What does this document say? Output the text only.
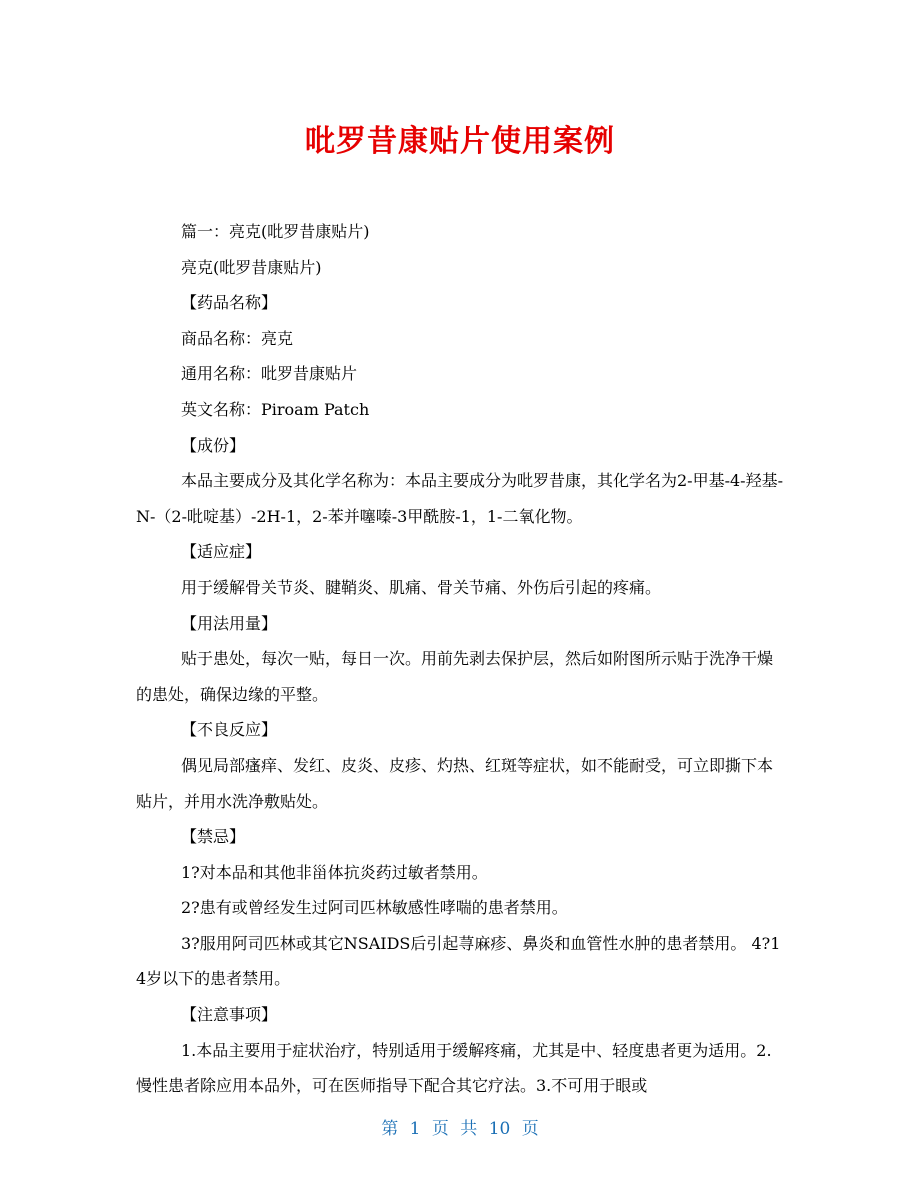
吡罗昔康贴片使用案例

篇一：亮克(吡罗昔康贴片)

亮克(吡罗昔康贴片)

【药品名称】

商品名称：亮克

通用名称：吡罗昔康贴片

英文名称：Piroam Patch

【成份】

本品主要成分及其化学名称为：本品主要成分为吡罗昔康，其化学名为2-甲基-4-羟基-N-（2-吡啶基）-2H-1，2-苯并噻嗪-3甲酰胺-1，1-二氧化物。

【适应症】

用于缓解骨关节炎、腱鞘炎、肌痛、骨关节痛、外伤后引起的疼痛。

【用法用量】

贴于患处，每次一贴，每日一次。用前先剥去保护层，然后如附图所示贴于洗净干燥的患处，确保边缘的平整。

【不良反应】

偶见局部瘙痒、发红、皮炎、皮疹、灼热、红斑等症状，如不能耐受，可立即撕下本贴片，并用水洗净敷贴处。

【禁忌】

1?对本品和其他非甾体抗炎药过敏者禁用。

2?患有或曾经发生过阿司匹林敏感性哮喘的患者禁用。

3?服用阿司匹林或其它NSAIDS后引起荨麻疹、鼻炎和血管性水肿的患者禁用。 4?14岁以下的患者禁用。

【注意事项】

1.本品主要用于症状治疗，特别适用于缓解疼痛，尤其是中、轻度患者更为适用。2.慢性患者除应用本品外，可在医师指导下配合其它疗法。3.不可用于眼或

第 1 页 共 10 页
